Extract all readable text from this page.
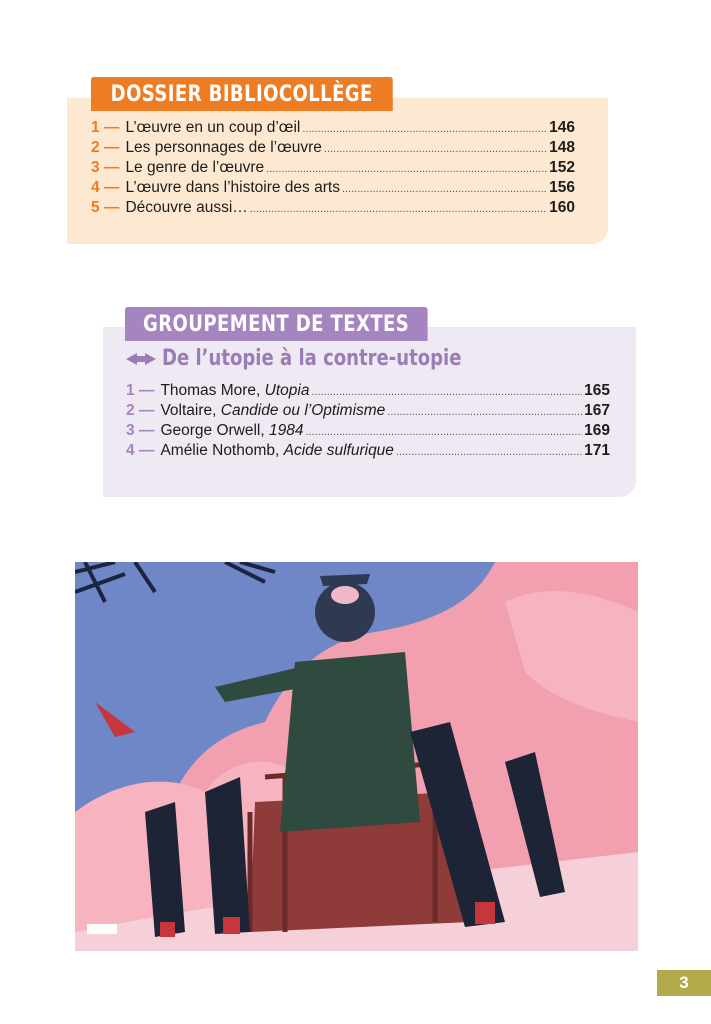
DOSSIER BIBLIOCOLLÈGE
1 — L’œuvre en un coup d’œil .....	146
2 — Les personnages de l’œuvre .....	148
3 — Le genre de l’œuvre .....	152
4 — L’œuvre dans l’histoire des arts .....	156
5 — Découvre aussi… .....	160
GROUPEMENT DE TEXTES
De l’utopie à la contre-utopie
1 — Thomas More, Utopia .....	165
2 — Voltaire, Candide ou l’Optimisme .....	167
3 — George Orwell, 1984 .....	169
4 — Amélie Nothomb, Acide sulfurique .....	171
3
